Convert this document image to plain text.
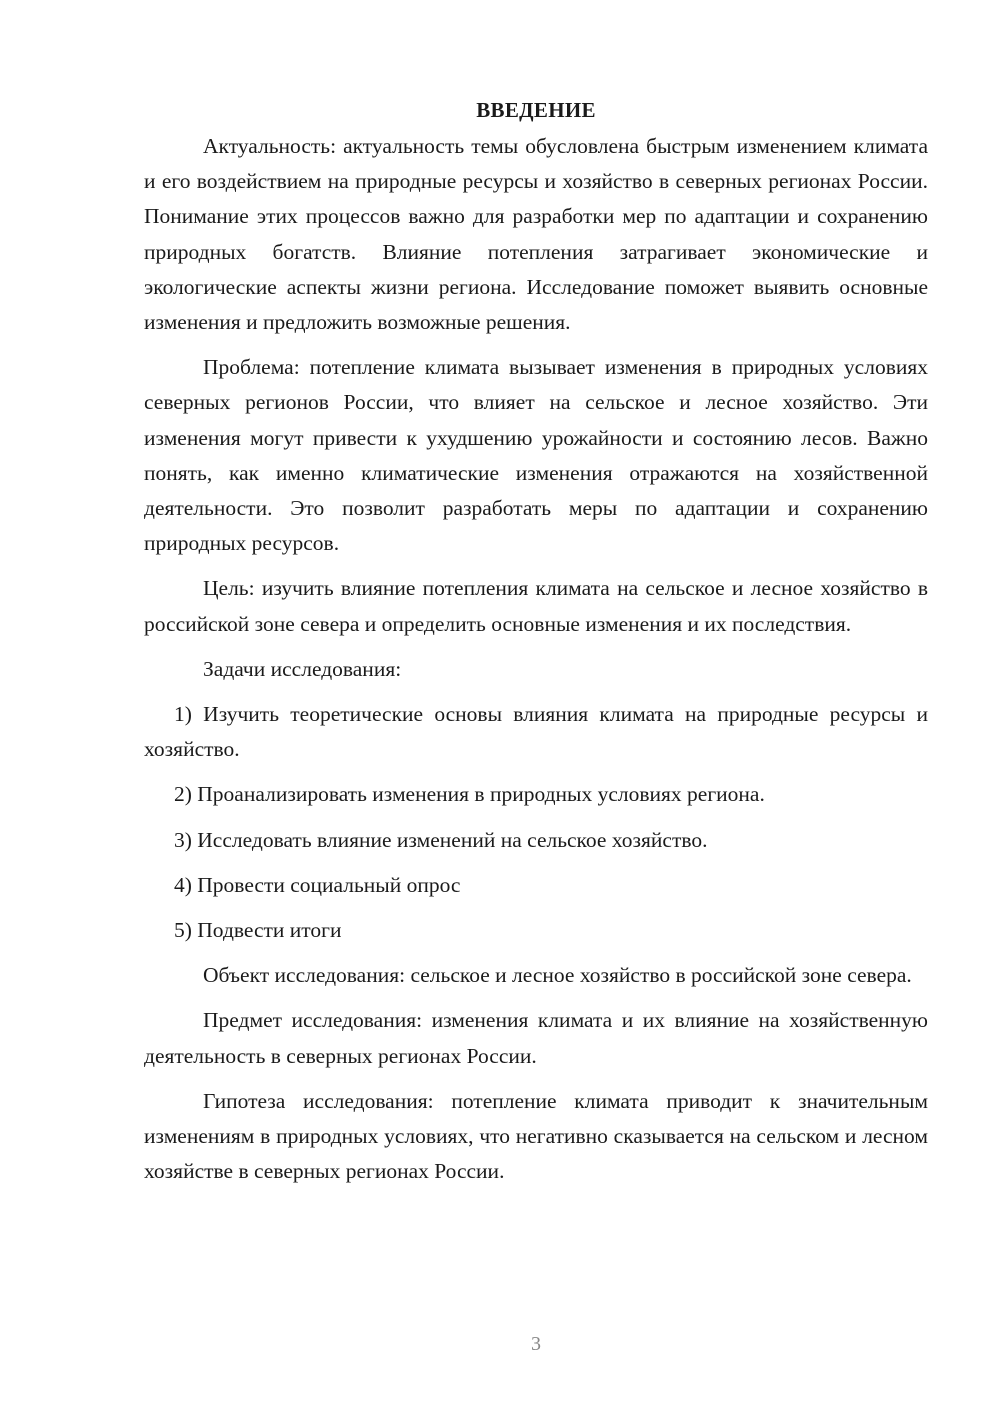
ВВЕДЕНИЕ

Актуальность: актуальность темы обусловлена быстрым изменением климата и его воздействием на природные ресурсы и хозяйство в северных регионах России. Понимание этих процессов важно для разработки мер по адаптации и сохранению природных богатств. Влияние потепления затрагивает экономические и экологические аспекты жизни региона. Исследование поможет выявить основные изменения и предложить возможные решения.

Проблема: потепление климата вызывает изменения в природных условиях северных регионов России, что влияет на сельское и лесное хозяйство. Эти изменения могут привести к ухудшению урожайности и состоянию лесов. Важно понять, как именно климатические изменения отражаются на хозяйственной деятельности. Это позволит разработать меры по адаптации и сохранению природных ресурсов.

Цель: изучить влияние потепления климата на сельское и лесное хозяйство в российской зоне севера и определить основные изменения и их последствия.

Задачи исследования:

1) Изучить теоретические основы влияния климата на природные ресурсы и хозяйство.

2) Проанализировать изменения в природных условиях региона.

3) Исследовать влияние изменений на сельское хозяйство.

4) Провести социальный опрос

5) Подвести итоги

Объект исследования: сельское и лесное хозяйство в российской зоне севера.

Предмет исследования: изменения климата и их влияние на хозяйственную деятельность в северных регионах России.

Гипотеза исследования: потепление климата приводит к значительным изменениям в природных условиях, что негативно сказывается на сельском и лесном хозяйстве в северных регионах России.

3
